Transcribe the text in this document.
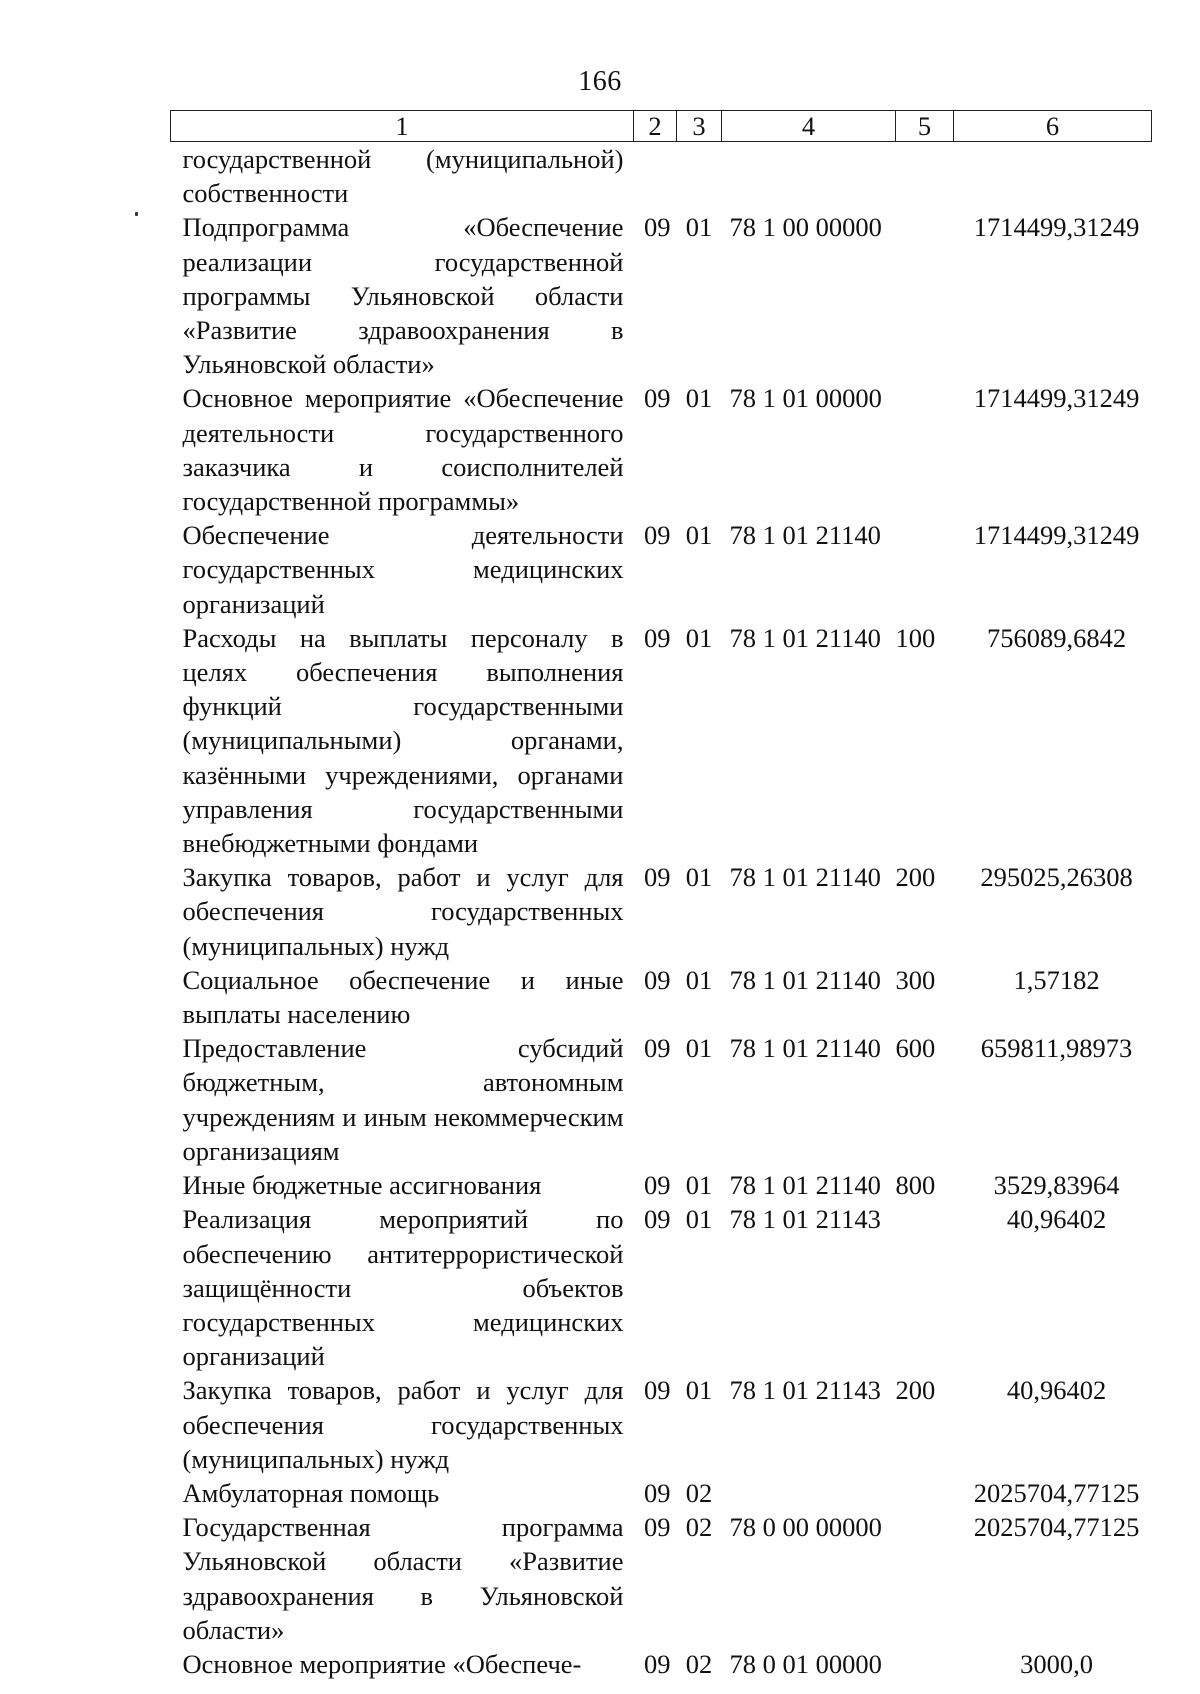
166
1	2	3	4	5	6
государственной (муниципальной) собственности					
Подпрограмма «Обеспечение реализации государственной программы Ульяновской области «Развитие здравоохранения в Ульяновской области»	09	01	78 1 00 00000		1714499,31249
Основное мероприятие «Обеспечение деятельности государственного заказчика и соисполнителей государственной программы»	09	01	78 1 01 00000		1714499,31249
Обеспечение деятельности государственных медицинских организаций	09	01	78 1 01 21140		1714499,31249
Расходы на выплаты персоналу в целях обеспечения выполнения функций государственными (муниципальными) органами, казёнными учреждениями, органами управления государственными внебюджетными фондами	09	01	78 1 01 21140	100	756089,6842
Закупка товаров, работ и услуг для обеспечения государственных (муниципальных) нужд	09	01	78 1 01 21140	200	295025,26308
Социальное обеспечение и иные выплаты населению	09	01	78 1 01 21140	300	1,57182
Предоставление субсидий бюджетным, автономным учреждениям и иным некоммерческим организациям	09	01	78 1 01 21140	600	659811,98973
Иные бюджетные ассигнования	09	01	78 1 01 21140	800	3529,83964
Реализация мероприятий по обеспечению антитеррористической защищённости объектов государственных медицинских организаций	09	01	78 1 01 21143		40,96402
Закупка товаров, работ и услуг для обеспечения государственных (муниципальных) нужд	09	01	78 1 01 21143	200	40,96402
Амбулаторная помощь	09	02			2025704,77125
Государственная программа Ульяновской области «Развитие здравоохранения в Ульяновской области»	09	02	78 0 00 00000		2025704,77125
Основное мероприятие «Обеспече-	09	02	78 0 01 00000		3000,0
